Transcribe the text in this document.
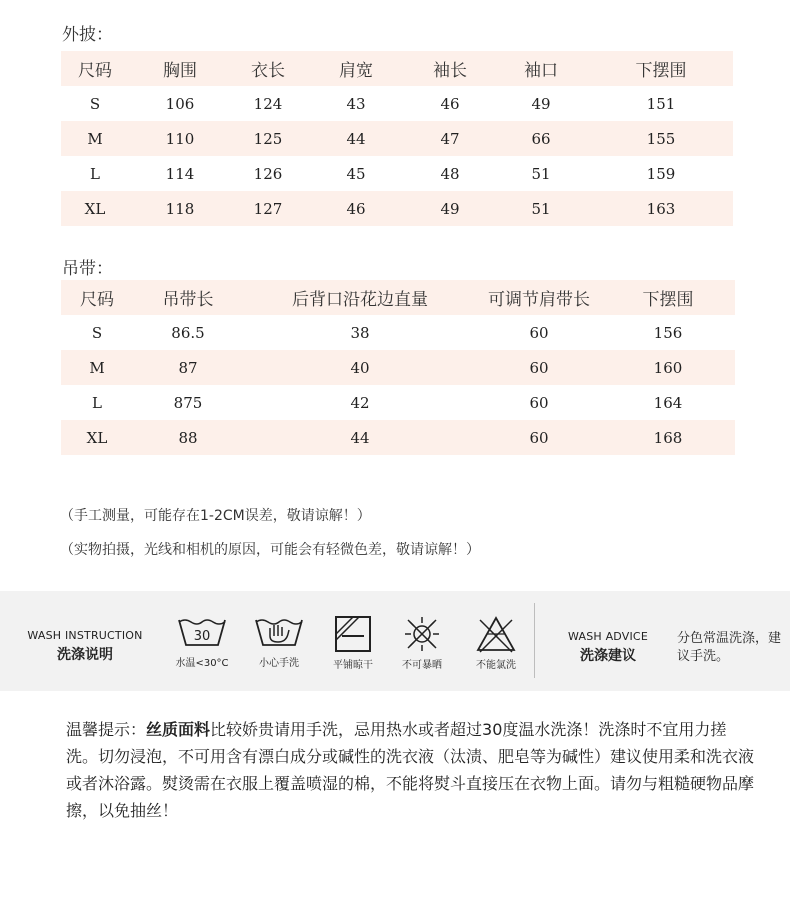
外披：
尺码	胸围	衣长	肩宽	袖长	袖口	下摆围
S	106	124	43	46	49	151
M	110	125	44	47	66	155
L	114	126	45	48	51	159
XL	118	127	46	49	51	163
吊带：
尺码	吊带长	后背口沿花边直量	可调节肩带长	下摆围
S	86.5	38	60	156
M	87	40	60	160
L	875	42	60	164
XL	88	44	60	168
（手工测量，可能存在1-2CM误差，敬请谅解！）
（实物拍摄，光线和相机的原因，可能会有轻微色差，敬请谅解！）
WASH INSTRUCTION
洗涤说明
30
水温<30°C	小心手洗	平铺晾干	不可暴晒	不能氯洗
WASH ADVICE
洗涤建议
分色常温洗涤，建议手洗。
温馨提示：丝质面料比较娇贵请用手洗，忌用热水或者超过30度温水洗涤！洗涤时不宜用力搓洗。切勿浸泡，不可用含有漂白成分或碱性的洗衣液（汰渍、肥皂等为碱性）建议使用柔和洗衣液或者沐浴露。熨烫需在衣服上覆盖喷湿的棉，不能将熨斗直接压在衣物上面。请勿与粗糙硬物品摩擦，以免抽丝！
